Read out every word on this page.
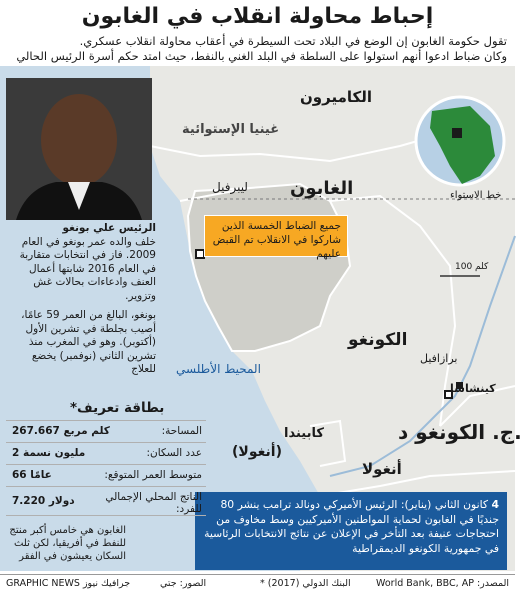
إحباط محاولة انقلاب في الغابون
تقول حكومة الغابون إن الوضع في البلاد تحت السيطرة في أعقاب محاولة انقلاب عسكري.
وكان ضباط ادعوا أنهم استولوا على السلطة في البلد الغني بالنفط، حيث امتد حكم أسرة الرئيس الحالي
الكاميرون
غينيا الإستوائية
الغابون
الكونغو
ج. الكونغو د.
كابيندا
(أنغولا)
أنغولا
ليبرفيل
برازافيل
كينشاسا
خط الاستواء
المحيط الأطلسي
100 كلم
جميع الضباط الخمسة الذين شاركوا في الانقلاب تم القبض عليهم
4 كانون الثاني (يناير): الرئيس الأميركي دونالد ترامب ينشر 80 جنديًا في الغابون لحماية المواطنين الأميركيين وسط مخاوف من احتجاجات عنيفة بعد التأخر في الإعلان عن نتائج الانتخابات الرئاسية في جمهورية الكونغو الديمقراطية
الرئيس علي بونغو
خلف والده عمر بونغو في العام 2009. فاز في انتخابات متقاربة في العام 2016 شابتها أعمال العنف وادعاءات بحالات غش وتزوير.
بونغو، البالغ من العمر 59 عامًا، أصيب بجلطة في تشرين الأول (أكتوبر). وهو في المغرب منذ تشرين الثاني (نوفمبر) يخضع للعلاج
بطاقة تعريف*
المساحة:
267.667 كلم مربع
عدد السكان:
2 مليون نسمة
متوسط العمر المتوقع:
66 عامًا
الناتج المحلي الإجمالي للفرد:
7.220 دولار
الغابون هي خامس أكبر منتج للنفط في أفريقيا، لكن ثلث السكان يعيشون في الفقر
المصدر: World Bank, BBC, AP
* البنك الدولي (2017)
الصور: جتي
GRAPHIC NEWS جرافيك نيوز
